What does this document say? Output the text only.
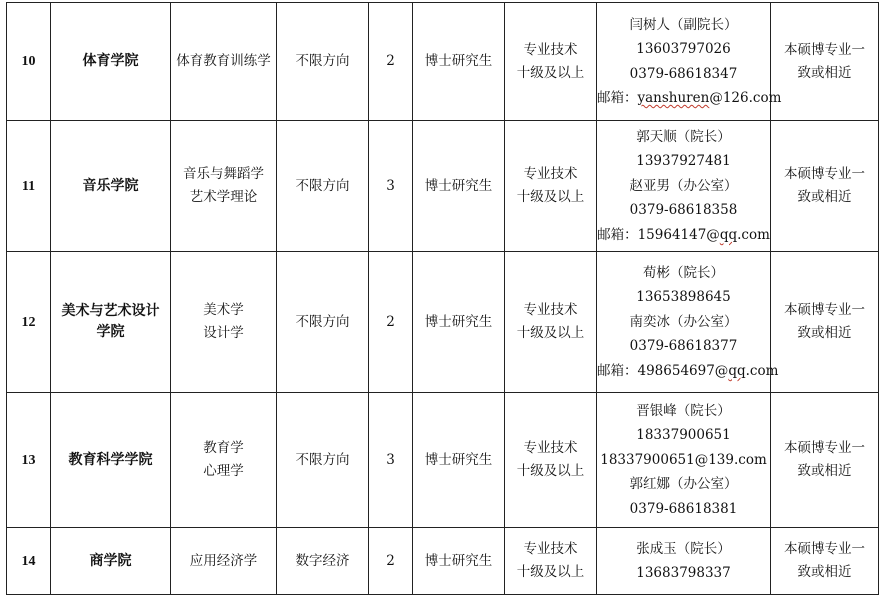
10	体育学院	体育教育训练学	不限方向	2	博士研究生	专业技术
十级及以上	闫树人（副院长）
13603797026
0379-68618347
邮箱：yanshuren@126.com	本硕博专业一
致或相近

11	音乐学院	音乐与舞蹈学
艺术学理论	不限方向	3	博士研究生	专业技术
十级及以上	郭天顺（院长）
13937927481
赵亚男（办公室）
0379-68618358
邮箱：15964147@qq.com	本硕博专业一
致或相近

12	美术与艺术设计
学院	美术学
设计学	不限方向	2	博士研究生	专业技术
十级及以上	荀彬（院长）
13653898645
南奕冰（办公室）
0379-68618377
邮箱：498654697@qq.com	本硕博专业一
致或相近

13	教育科学学院	教育学
心理学	不限方向	3	博士研究生	专业技术
十级及以上	晋银峰（院长）
18337900651
18337900651@139.com
郭红娜（办公室）
0379-68618381	本硕博专业一
致或相近

14	商学院	应用经济学	数字经济	2	博士研究生	专业技术
十级及以上	张成玉（院长）
13683798337	本硕博专业一
致或相近
